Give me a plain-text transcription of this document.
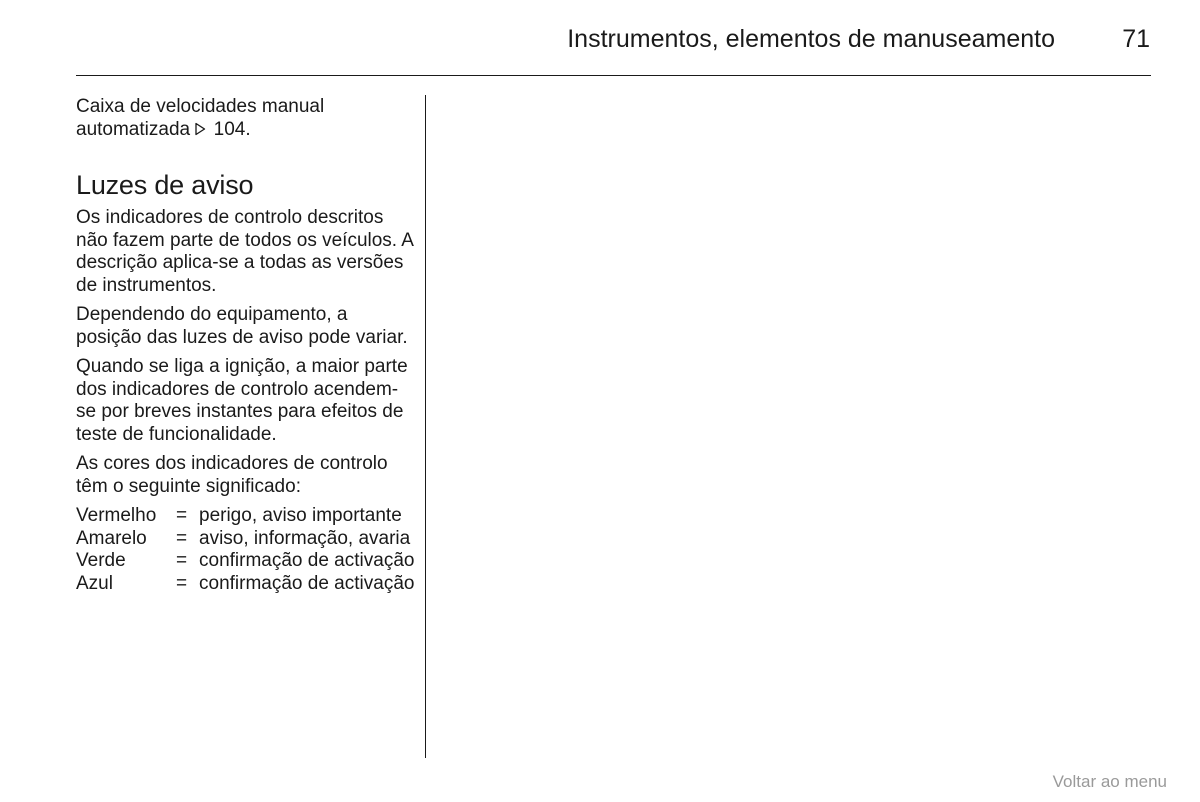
Instrumentos, elementos de manuseamento	71

Caixa de velocidades manual

automatizada  104.

Luzes de aviso

Os indicadores de controlo descritos não fazem parte de todos os veículos. A descrição aplica-se a todas as versões de instrumentos.

Dependendo do equipamento, a posição das luzes de aviso pode variar.

Quando se liga a ignição, a maior parte dos indicadores de controlo acendem-se por breves instantes para efeitos de teste de funcionalidade.

As cores dos indicadores de controlo têm o seguinte significado:

Vermelho	= perigo, aviso importante
Amarelo	= aviso, informação, avaria
Verde	= confirmação de activação
Azul	= confirmação de activação
Voltar ao menu
